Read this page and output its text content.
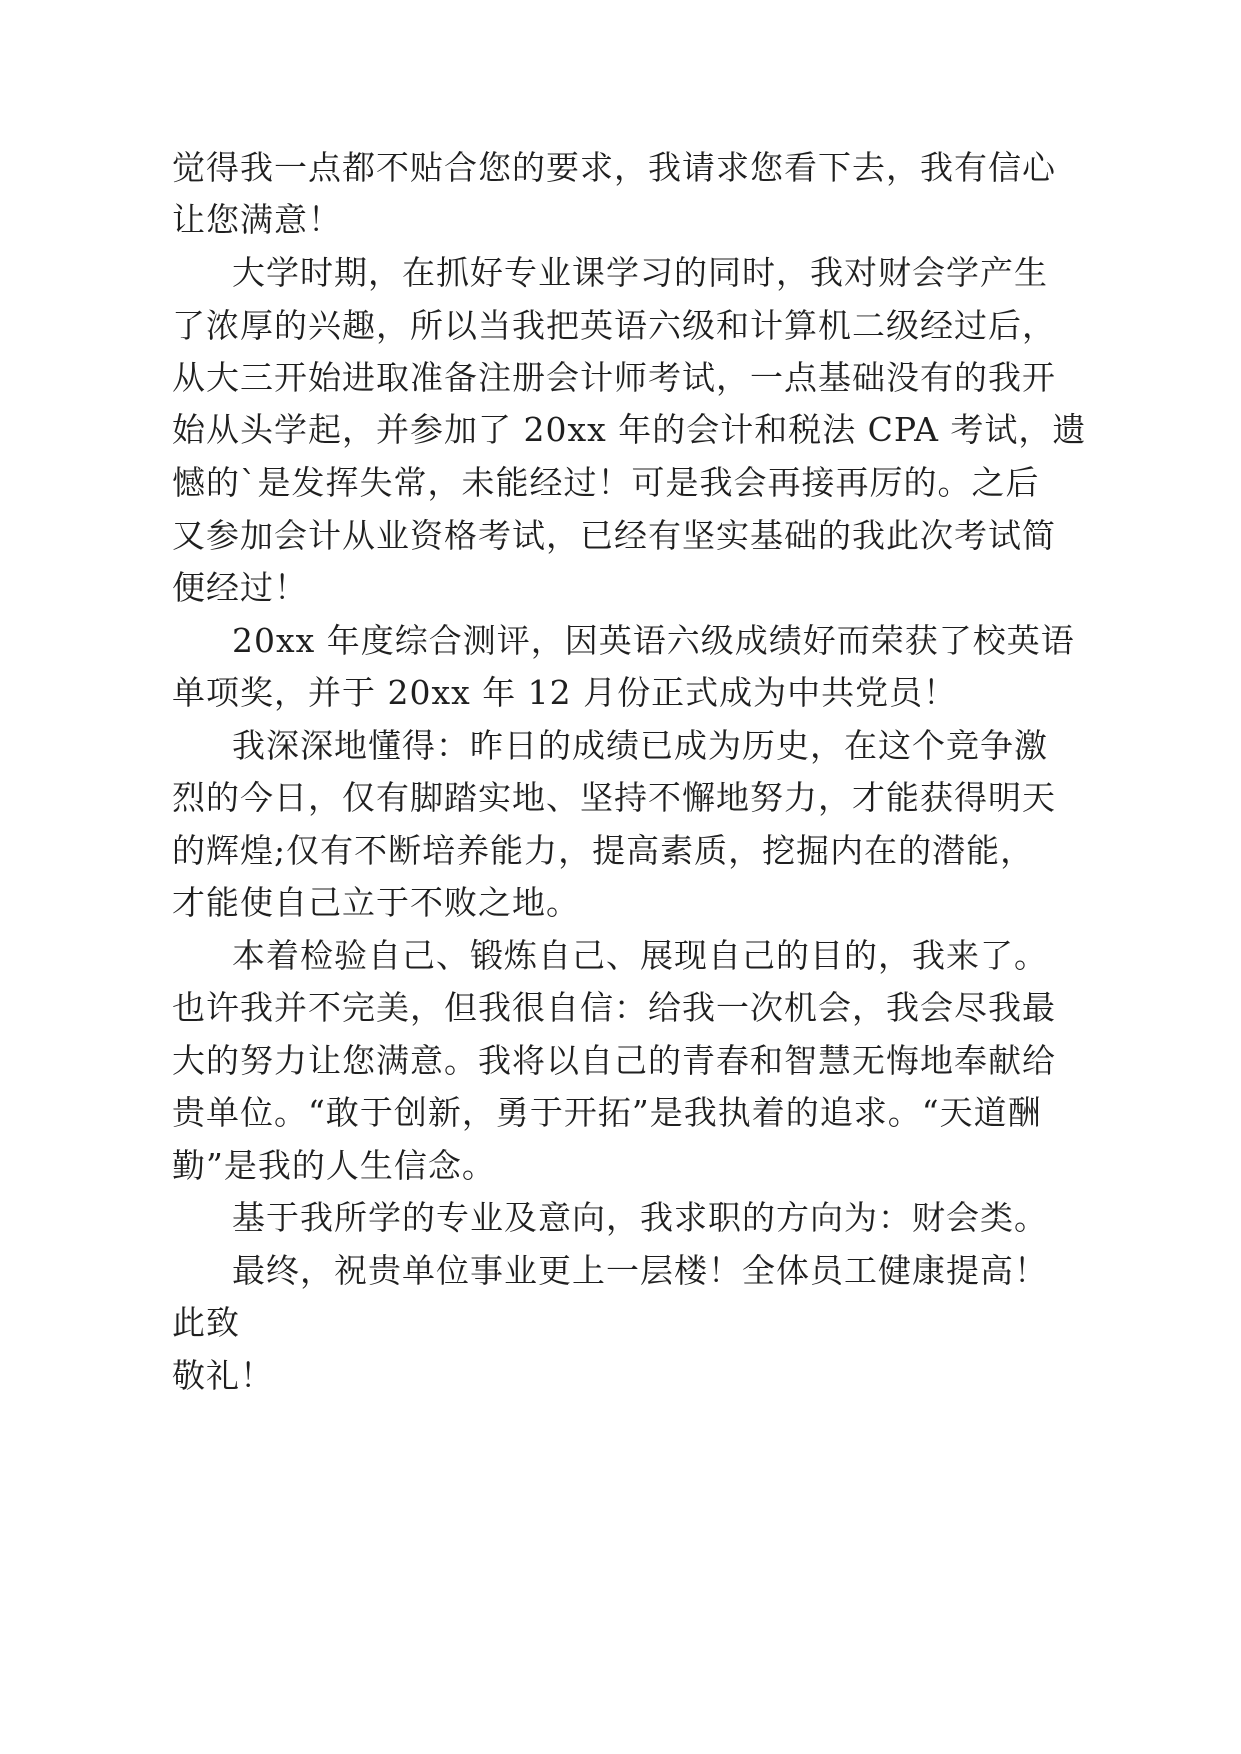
觉得我一点都不贴合您的要求，我请求您看下去，我有信心

让您满意！

大学时期，在抓好专业课学习的同时，我对财会学产生

了浓厚的兴趣，所以当我把英语六级和计算机二级经过后，

从大三开始进取准备注册会计师考试，一点基础没有的我开

始从头学起，并参加了 20xx 年的会计和税法 CPA 考试，遗

憾的`是发挥失常，未能经过！可是我会再接再厉的。之后

又参加会计从业资格考试，已经有坚实基础的我此次考试简

便经过！

20xx 年度综合测评，因英语六级成绩好而荣获了校英语

单项奖，并于 20xx 年 12 月份正式成为中共党员！

我深深地懂得：昨日的成绩已成为历史，在这个竞争激

烈的今日，仅有脚踏实地、坚持不懈地努力，才能获得明天

的辉煌;仅有不断培养能力，提高素质，挖掘内在的潜能，

才能使自己立于不败之地。

本着检验自己、锻炼自己、展现自己的目的，我来了。

也许我并不完美，但我很自信：给我一次机会，我会尽我最

大的努力让您满意。我将以自己的青春和智慧无悔地奉献给

贵单位。“敢于创新，勇于开拓”是我执着的追求。“天道酬

勤”是我的人生信念。

基于我所学的专业及意向，我求职的方向为：财会类。

最终，祝贵单位事业更上一层楼！全体员工健康提高！

此致

敬礼！
